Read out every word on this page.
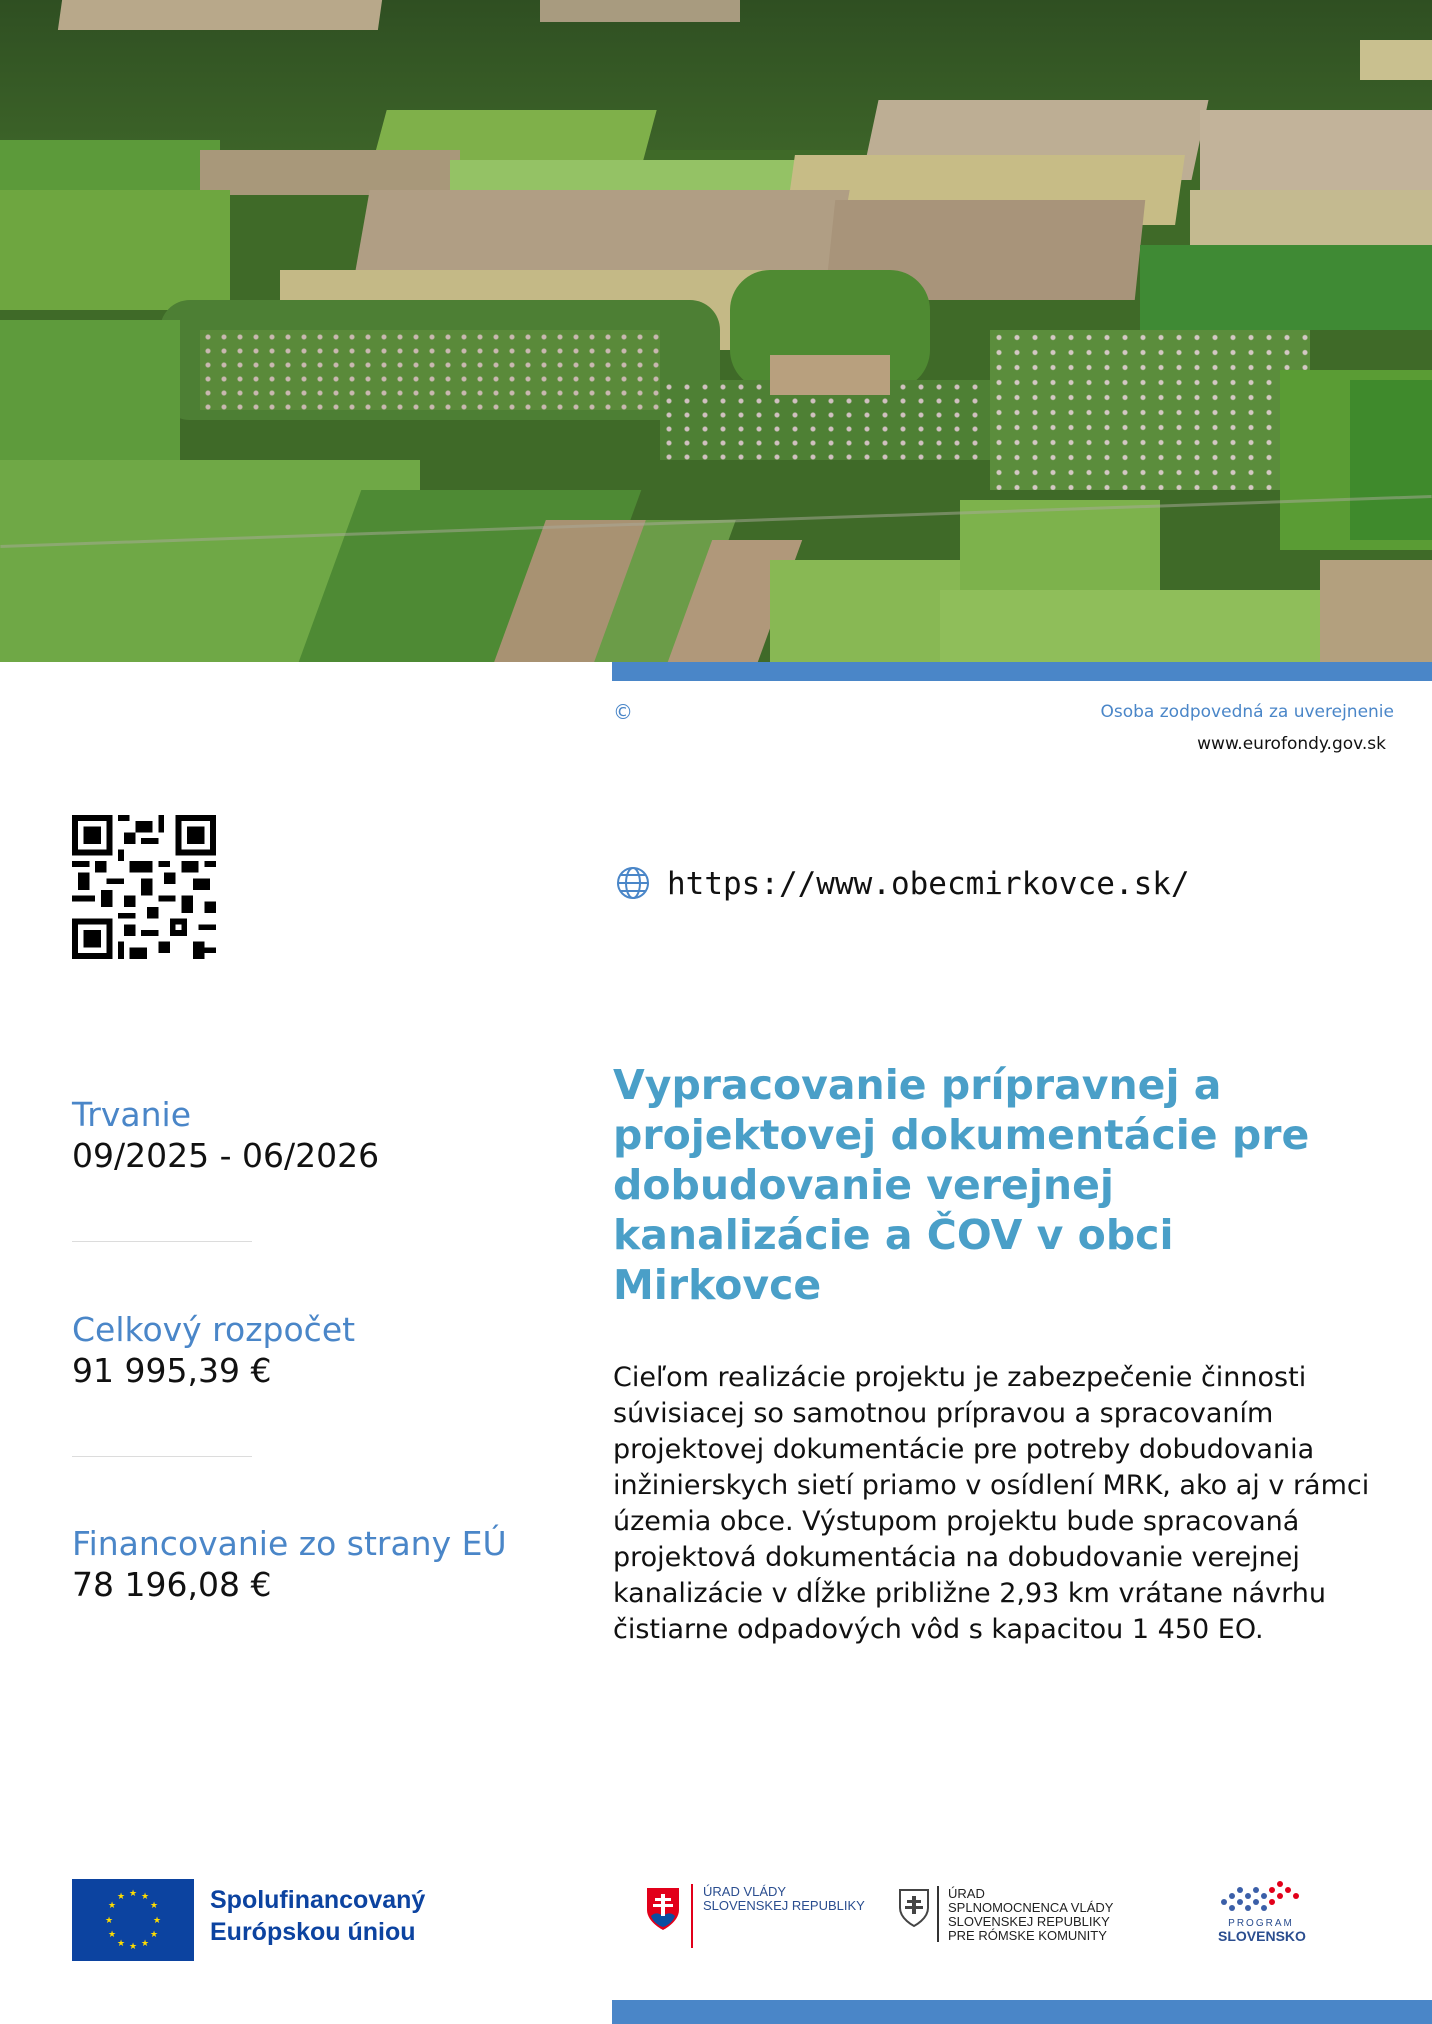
©	Osoba zodpovedná za uverejnenie
www.eurofondy.gov.sk
https://www.obecmirkovce.sk/
Trvanie
09/2025 - 06/2026
Celkový rozpočet
91 995,39 €
Financovanie zo strany EÚ
78 196,08 €
Vypracovanie prípravnej a projektovej dokumentácie pre dobudovanie verejnej kanalizácie a ČOV v obci Mirkovce

Cieľom realizácie projektu je zabezpečenie činnosti súvisiacej so samotnou prípravou a spracovaním projektovej dokumentácie pre potreby dobudovania inžinierskych sietí priamo v osídlení MRK, ako aj v rámci územia obce. Výstupom projektu bude spracovaná projektová dokumentácia na dobudovanie verejnej kanalizácie v dĺžke približne 2,93 km vrátane návrhu čistiarne odpadových vôd s kapacitou 1 450 EO.

★ ★
★
★
★
★
★
★
★
★
★
★	Spolufinancovaný
Európskou úniou
ÚRAD VLÁDY
SLOVENSKEJ REPUBLIKY
ÚRAD
SPLNOMOCNENCA VLÁDY
SLOVENSKEJ REPUBLIKY
PRE RÓMSKE KOMUNITY
PROGRAM
SLOVENSKO
